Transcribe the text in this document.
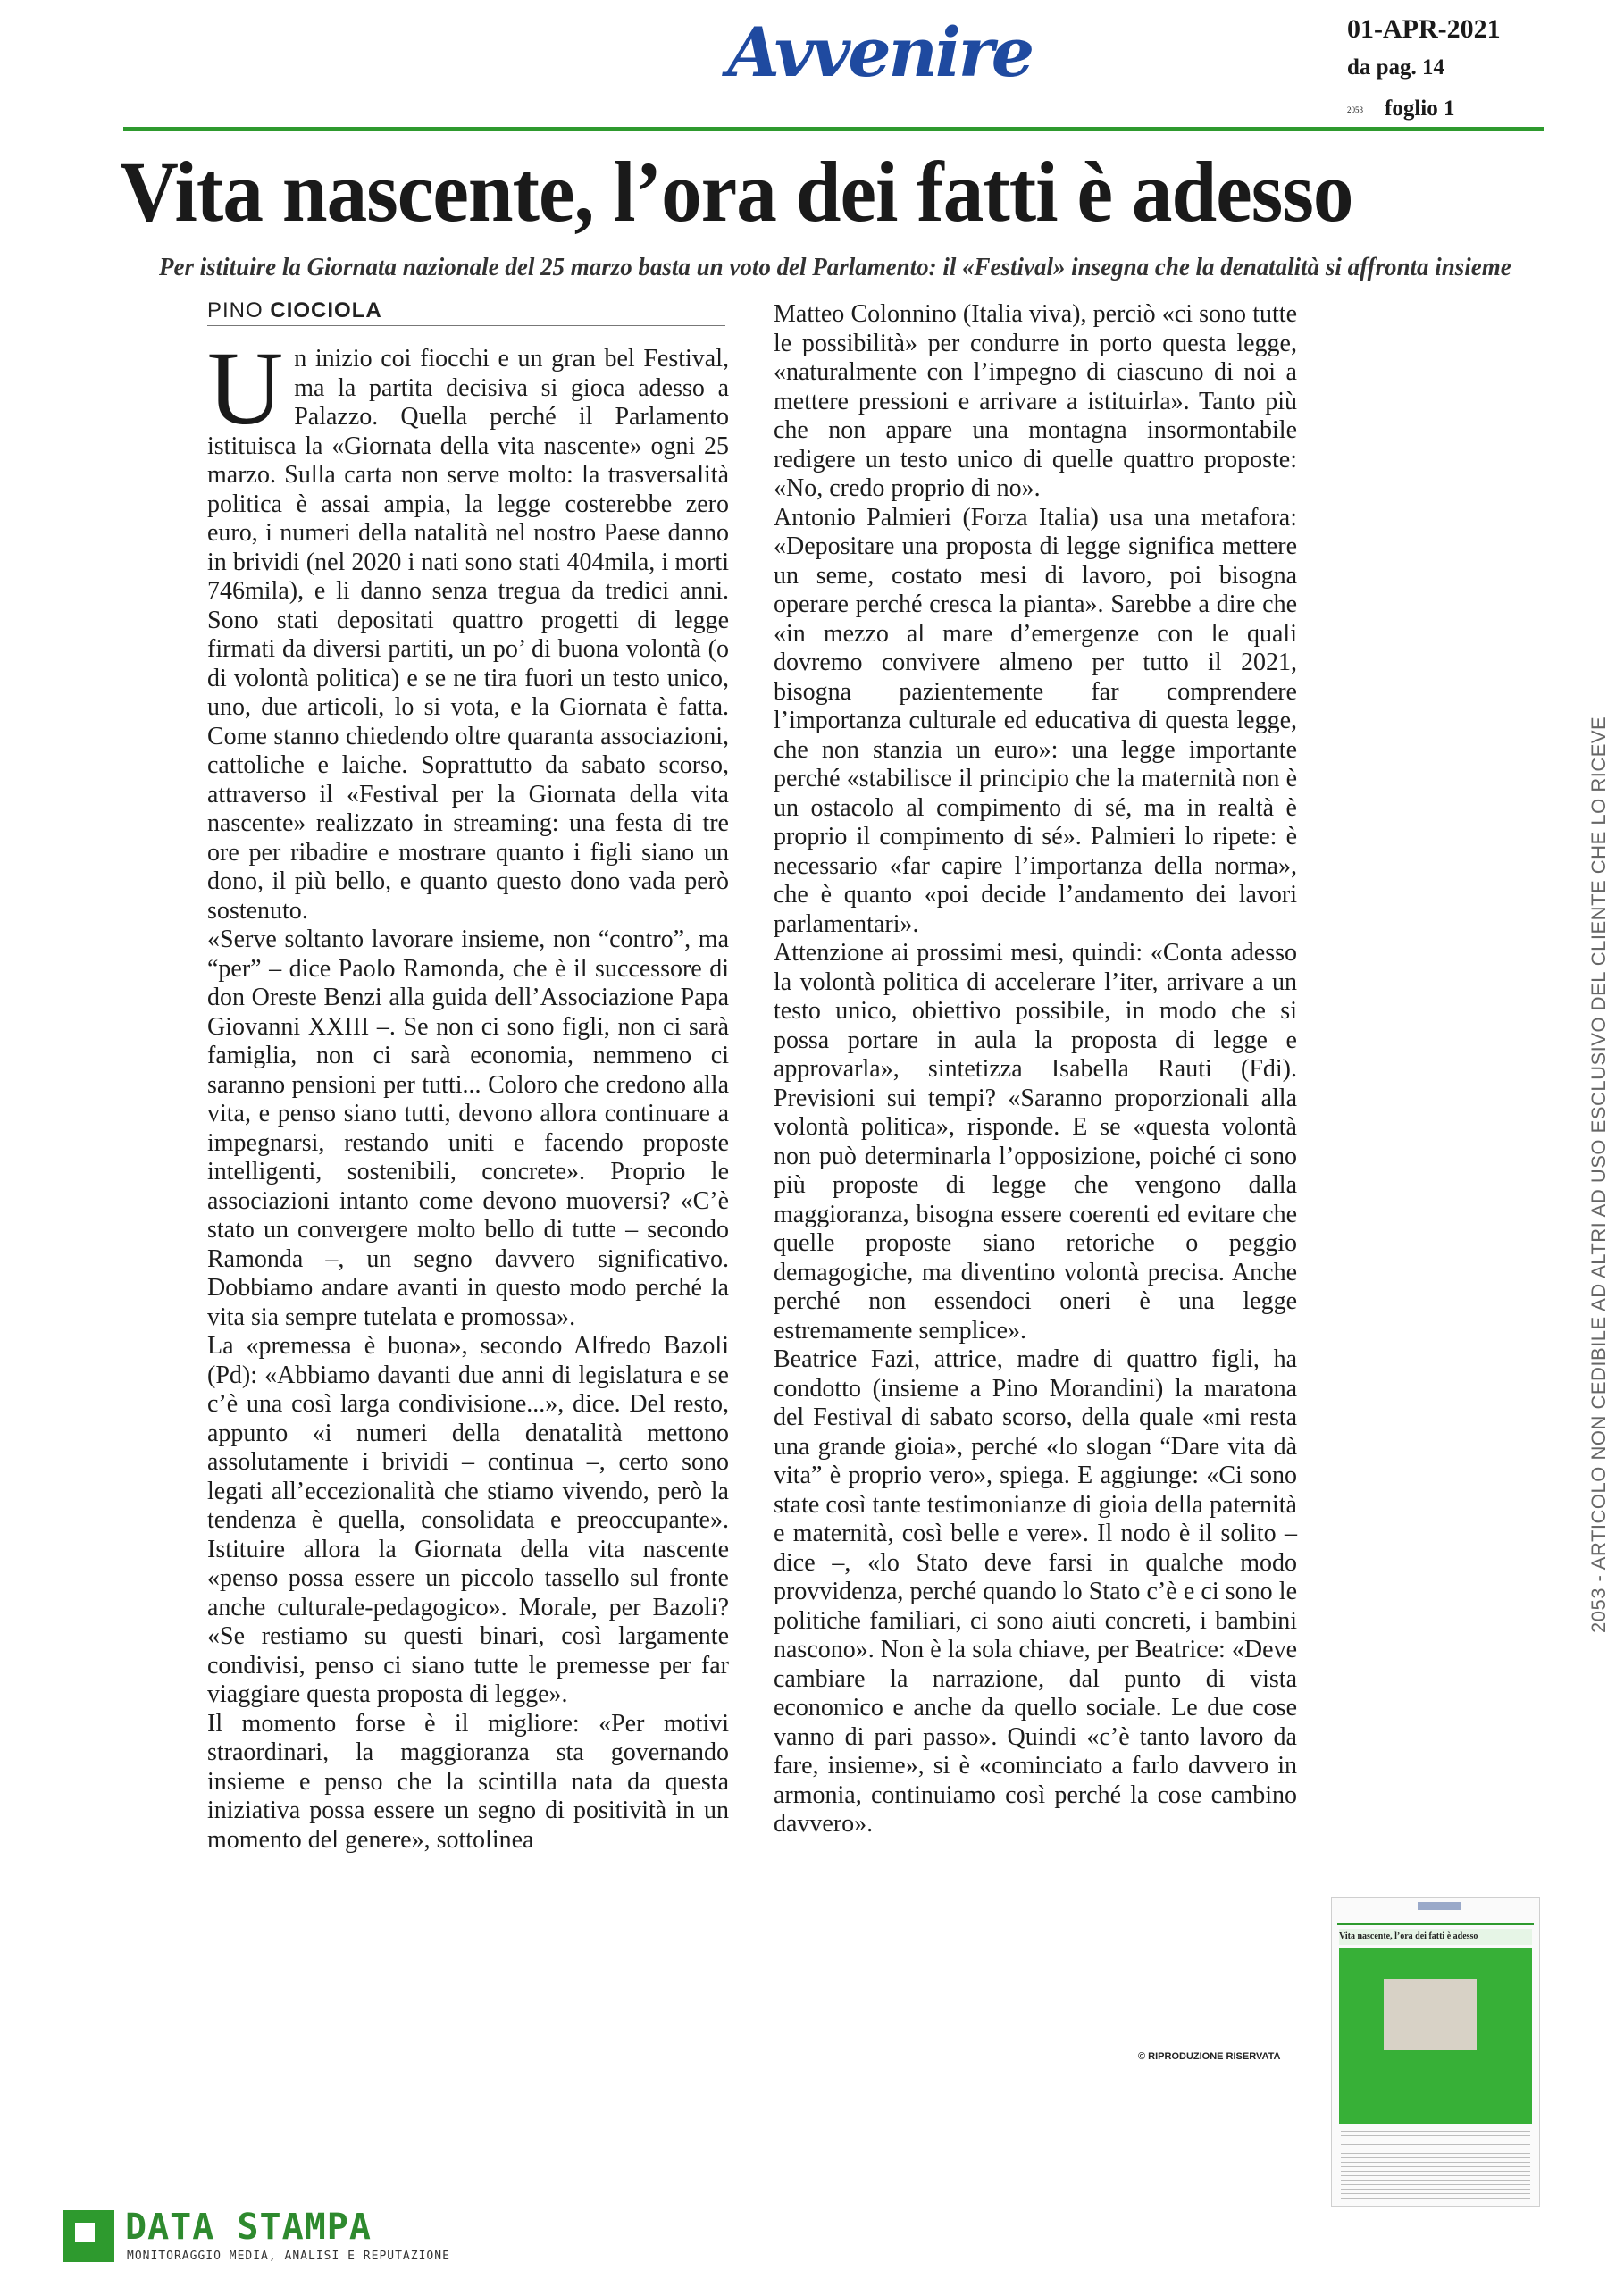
Avvenire	01-APR-2021
da pag. 14
2053 foglio 1
Vita nascente, l’ora dei fatti è adesso
Per istituire la Giornata nazionale del 25 marzo basta un voto del Parlamento: il «Festival» insegna che la denatalità si affronta insieme
PINO CIOCIOLA

Un inizio coi fiocchi e un gran bel Festival, ma la partita decisiva si gioca adesso a Palazzo. Quella perché il Parlamento istituisca la «Giornata della vita nascente» ogni 25 marzo. Sulla carta non serve molto: la trasversalità politica è assai ampia, la legge costerebbe zero euro, i numeri della natalità nel nostro Paese danno in brividi (nel 2020 i nati sono stati 404mila, i morti 746mila), e li danno senza tregua da tredici anni. Sono stati depositati quattro progetti di legge firmati da diversi partiti, un po’ di buona volontà (o di volontà politica) e se ne tira fuori un testo unico, uno, due articoli, lo si vota, e la Giornata è fatta. Come stanno chiedendo oltre quaranta associazioni, cattoliche e laiche. Soprattutto da sabato scorso, attraverso il «Festival per la Giornata della vita nascente» realizzato in streaming: una festa di tre ore per ribadire e mostrare quanto i figli siano un dono, il più bello, e quanto questo dono vada però sostenuto.

«Serve soltanto lavorare insieme, non “contro”, ma “per” – dice Paolo Ramonda, che è il successore di don Oreste Benzi alla guida dell’Associazione Papa Giovanni XXIII –. Se non ci sono figli, non ci sarà famiglia, non ci sarà economia, nemmeno ci saranno pensioni per tutti... Coloro che credono alla vita, e penso siano tutti, devono allora continuare a impegnarsi, restando uniti e facendo proposte intelligenti, sostenibili, concrete». Proprio le associazioni intanto come devono muoversi? «C’è stato un convergere molto bello di tutte – secondo Ramonda –, un segno davvero significativo. Dobbiamo andare avanti in questo modo perché la vita sia sempre tutelata e promossa».

La «premessa è buona», secondo Alfredo Bazoli (Pd): «Abbiamo davanti due anni di legislatura e se c’è una così larga condivisione...», dice. Del resto, appunto «i numeri della denatalità mettono assolutamente i brividi – continua –, certo sono legati all’eccezionalità che stiamo vivendo, però la tendenza è quella, consolidata e preoccupante». Istituire allora la Giornata della vita nascente «penso possa essere un piccolo tassello sul fronte anche culturale-pedagogico». Morale, per Bazoli? «Se restiamo su questi binari, così largamente condivisi, penso ci siano tutte le premesse per far viaggiare questa proposta di legge».

Il momento forse è il migliore: «Per motivi straordinari, la maggioranza sta governando insieme e penso che la scintilla nata da questa iniziativa possa essere un segno di positività in un momento del genere», sottolinea

Matteo Colonnino (Italia viva), perciò «ci sono tutte le possibilità» per condurre in porto questa legge, «naturalmente con l’impegno di ciascuno di noi a mettere pressioni e arrivare a istituirla». Tanto più che non appare una montagna insormontabile redigere un testo unico di quelle quattro proposte: «No, credo proprio di no».

Antonio Palmieri (Forza Italia) usa una metafora: «Depositare una proposta di legge significa mettere un seme, costato mesi di lavoro, poi bisogna operare perché cresca la pianta». Sarebbe a dire che «in mezzo al mare d’emergenze con le quali dovremo convivere almeno per tutto il 2021, bisogna pazientemente far comprendere l’importanza culturale ed educativa di questa legge, che non stanzia un euro»: una legge importante perché «stabilisce il principio che la maternità non è un ostacolo al compimento di sé, ma in realtà è proprio il compimento di sé». Palmieri lo ripete: è necessario «far capire l’importanza della norma», che è quanto «poi decide l’andamento dei lavori parlamentari».

Attenzione ai prossimi mesi, quindi: «Conta adesso la volontà politica di accelerare l’iter, arrivare a un testo unico, obiettivo possibile, in modo che si possa portare in aula la proposta di legge e approvarla», sintetizza Isabella Rauti (Fdi). Previsioni sui tempi? «Saranno proporzionali alla volontà politica», risponde. E se «questa volontà non può determinarla l’opposizione, poiché ci sono più proposte di legge che vengono dalla maggioranza, bisogna essere coerenti ed evitare che quelle proposte siano retoriche o peggio demagogiche, ma diventino volontà precisa. Anche perché non essendoci oneri è una legge estremamente semplice».

Beatrice Fazi, attrice, madre di quattro figli, ha condotto (insieme a Pino Morandini) la maratona del Festival di sabato scorso, della quale «mi resta una grande gioia», perché «lo slogan “Dare vita dà vita” è proprio vero», spiega. E aggiunge: «Ci sono state così tante testimonianze di gioia della paternità e maternità, così belle e vere». Il nodo è il solito – dice –, «lo Stato deve farsi in qualche modo provvidenza, perché quando lo Stato c’è e ci sono le politiche familiari, ci sono aiuti concreti, i bambini nascono». Non è la sola chiave, per Beatrice: «Deve cambiare la narrazione, dal punto di vista economico e anche da quello sociale. Le due cose vanno di pari passo». Quindi «c’è tanto lavoro da fare, insieme», si è «cominciato a farlo davvero in armonia, continuiamo così perché la cose cambino davvero».

© RIPRODUZIONE RISERVATA
2053 - ARTICOLO NON CEDIBILE AD ALTRI AD USO ESCLUSIVO DEL CLIENTE CHE LO RICEVE
Vita nascente, l’ora dei fatti è adesso
DATA STAMPA
MONITORAGGIO MEDIA, ANALISI E REPUTAZIONE
